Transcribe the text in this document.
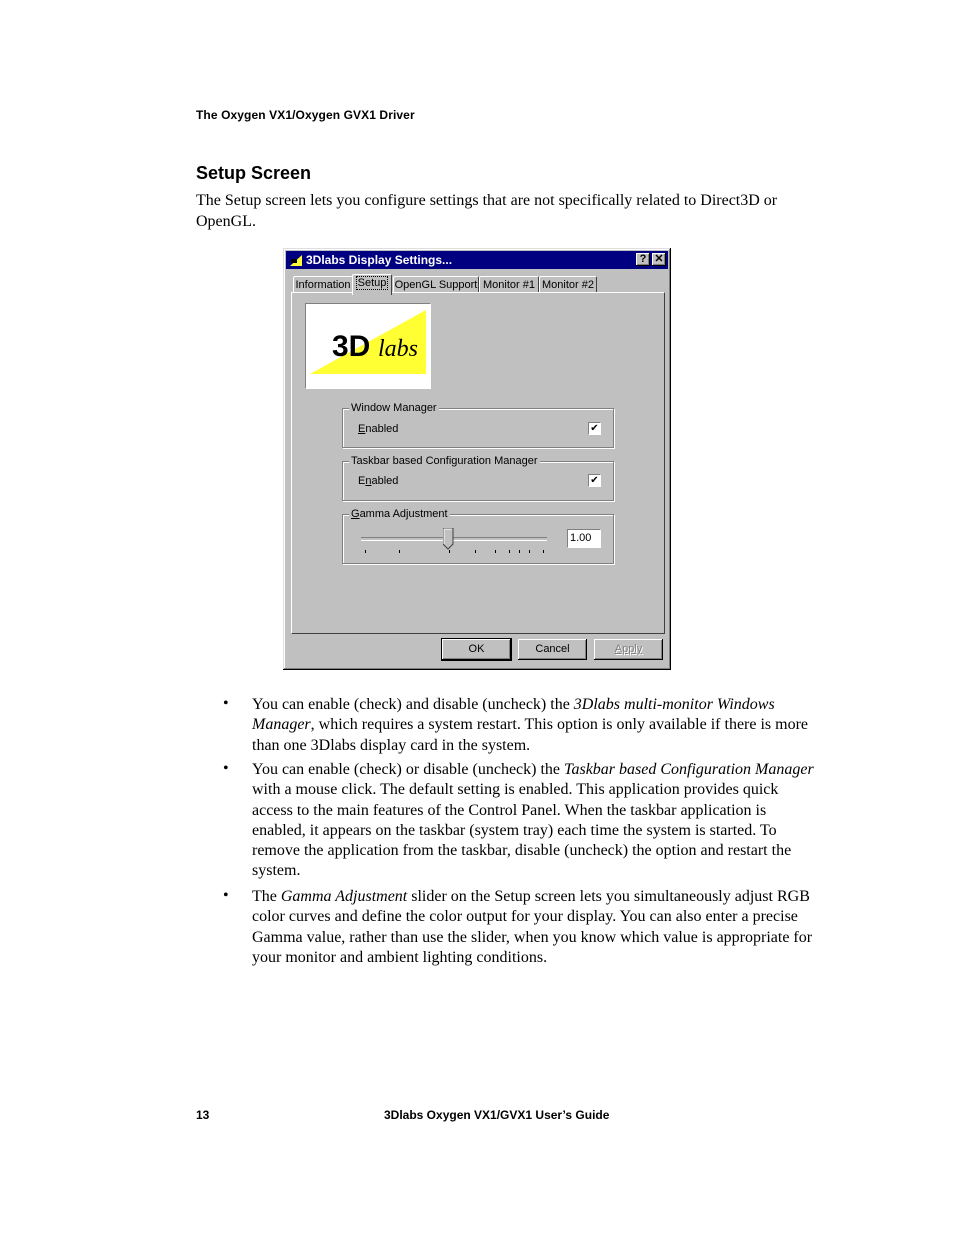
The Oxygen VX1/Oxygen GVX1 Driver
Setup Screen
The Setup screen lets you configure settings that are not specifically related to Direct3D or OpenGL.
3Dlabs Display Settings...	? ✕
Information Setup OpenGL Support Monitor #1 Monitor #2
3D labs
Window Manager
Enabled	✔
Taskbar based Configuration Manager
Enabled	✔
Gamma Adjustment
1.00
OK	Cancel	Apply
• You can enable (check) and disable (uncheck) the 3Dlabs multi-monitor Windows Manager, which requires a system restart. This option is only available if there is more than one 3Dlabs display card in the system.
• You can enable (check) or disable (uncheck) the Taskbar based Configuration Manager with a mouse click. The default setting is enabled. This application provides quick access to the main features of the Control Panel. When the taskbar application is enabled, it appears on the taskbar (system tray) each time the system is started. To remove the application from the taskbar, disable (uncheck) the option and restart the system.
• The Gamma Adjustment slider on the Setup screen lets you simultaneously adjust RGB color curves and define the color output for your display. You can also enter a precise Gamma value, rather than use the slider, when you know which value is appropriate for your monitor and ambient lighting conditions.
13	3Dlabs Oxygen VX1/GVX1 User’s Guide
